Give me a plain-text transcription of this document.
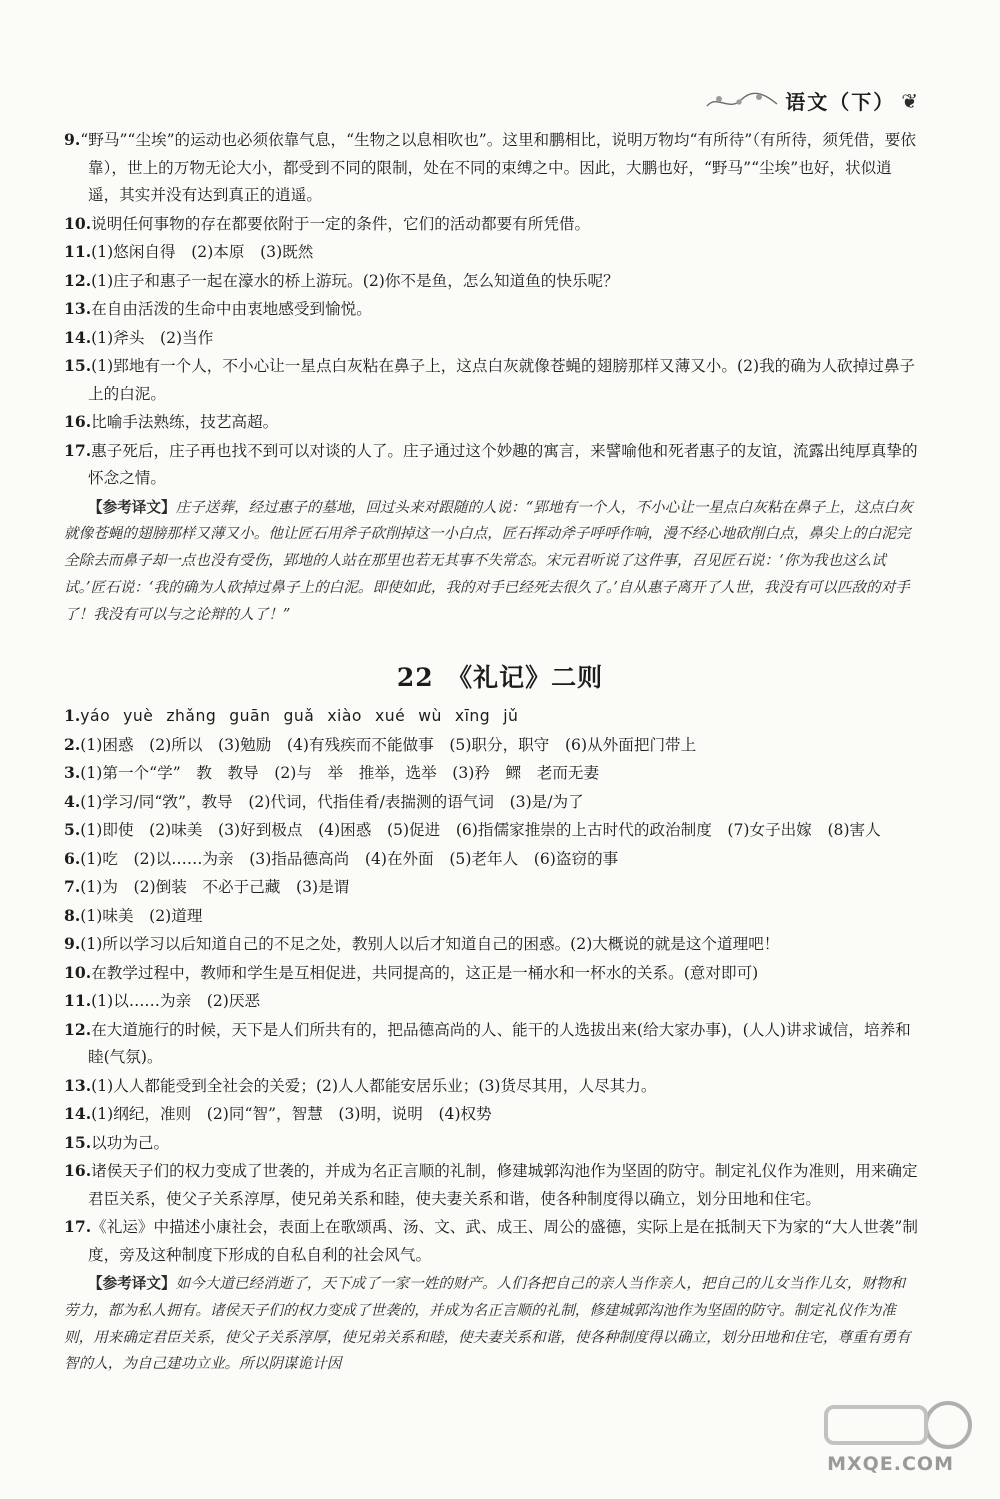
语文（下） ❦

9.“野马”“尘埃”的运动也必须依靠气息，“生物之以息相吹也”。这里和鹏相比，说明万物均“有所待”（有所待，须凭借，要依靠），世上的万物无论大小，都受到不同的限制，处在不同的束缚之中。因此，大鹏也好，“野马”“尘埃”也好，状似逍遥，其实并没有达到真正的逍遥。

10.说明任何事物的存在都要依附于一定的条件，它们的活动都要有所凭借。

11.(1)悠闲自得　(2)本原　(3)既然

12.(1)庄子和惠子一起在濠水的桥上游玩。(2)你不是鱼，怎么知道鱼的快乐呢？

13.在自由活泼的生命中由衷地感受到愉悦。

14.(1)斧头　(2)当作

15.(1)郢地有一个人，不小心让一星点白灰粘在鼻子上，这点白灰就像苍蝇的翅膀那样又薄又小。(2)我的确为人砍掉过鼻子上的白泥。

16.比喻手法熟练，技艺高超。

17.惠子死后，庄子再也找不到可以对谈的人了。庄子通过这个妙趣的寓言，来譬喻他和死者惠子的友谊，流露出纯厚真挚的怀念之情。

【参考译文】庄子送葬，经过惠子的墓地，回过头来对跟随的人说：“郢地有一个人，不小心让一星点白灰粘在鼻子上，这点白灰就像苍蝇的翅膀那样又薄又小。他让匠石用斧子砍削掉这一小白点，匠石挥动斧子呼呼作响，漫不经心地砍削白点，鼻尖上的白泥完全除去而鼻子却一点也没有受伤，郢地的人站在那里也若无其事不失常态。宋元君听说了这件事，召见匠石说：‘你为我也这么试试。’匠石说：‘我的确为人砍掉过鼻子上的白泥。即使如此，我的对手已经死去很久了。’自从惠子离开了人世，我没有可以匹敌的对手了！我没有可以与之论辩的人了！”

22　《礼记》二则

1.yáo yuè zhǎng guān guǎ xiào xué wù xīng jǔ

2.(1)困惑　(2)所以　(3)勉励　(4)有残疾而不能做事　(5)职分，职守　(6)从外面把门带上

3.(1)第一个“学”　教　教导　(2)与　举　推举，选举　(3)矜　鳏　老而无妻

4.(1)学习/同“敩”，教导　(2)代词，代指佳肴/表揣测的语气词　(3)是/为了

5.(1)即使　(2)味美　(3)好到极点　(4)困惑　(5)促进　(6)指儒家推崇的上古时代的政治制度　(7)女子出嫁　(8)害人

6.(1)吃　(2)以……为亲　(3)指品德高尚　(4)在外面　(5)老年人　(6)盗窃的事

7.(1)为　(2)倒装　不必于己藏　(3)是谓

8.(1)味美　(2)道理

9.(1)所以学习以后知道自己的不足之处，教别人以后才知道自己的困惑。(2)大概说的就是这个道理吧！

10.在教学过程中，教师和学生是互相促进，共同提高的，这正是一桶水和一杯水的关系。(意对即可)

11.(1)以……为亲　(2)厌恶

12.在大道施行的时候，天下是人们所共有的，把品德高尚的人、能干的人选拔出来(给大家办事)，(人人)讲求诚信，培养和睦(气氛)。

13.(1)人人都能受到全社会的关爱；(2)人人都能安居乐业；(3)货尽其用，人尽其力。

14.(1)纲纪，准则　(2)同“智”，智慧　(3)明，说明　(4)权势

15.以功为己。

16.诸侯天子们的权力变成了世袭的，并成为名正言顺的礼制，修建城郭沟池作为坚固的防守。制定礼仪作为准则，用来确定君臣关系，使父子关系淳厚，使兄弟关系和睦，使夫妻关系和谐，使各种制度得以确立，划分田地和住宅。

17.《礼运》中描述小康社会，表面上在歌颂禹、汤、文、武、成王、周公的盛德，实际上是在抵制天下为家的“大人世袭”制度，旁及这种制度下形成的自私自利的社会风气。

【参考译文】如今大道已经消逝了，天下成了一家一姓的财产。人们各把自己的亲人当作亲人，把自己的儿女当作儿女，财物和劳力，都为私人拥有。诸侯天子们的权力变成了世袭的，并成为名正言顺的礼制，修建城郭沟池作为坚固的防守。制定礼仪作为准则，用来确定君臣关系，使父子关系淳厚，使兄弟关系和睦，使夫妻关系和谐，使各种制度得以确立，划分田地和住宅，尊重有勇有智的人，为自己建功立业。所以阴谋诡计因

MXQE.COM
